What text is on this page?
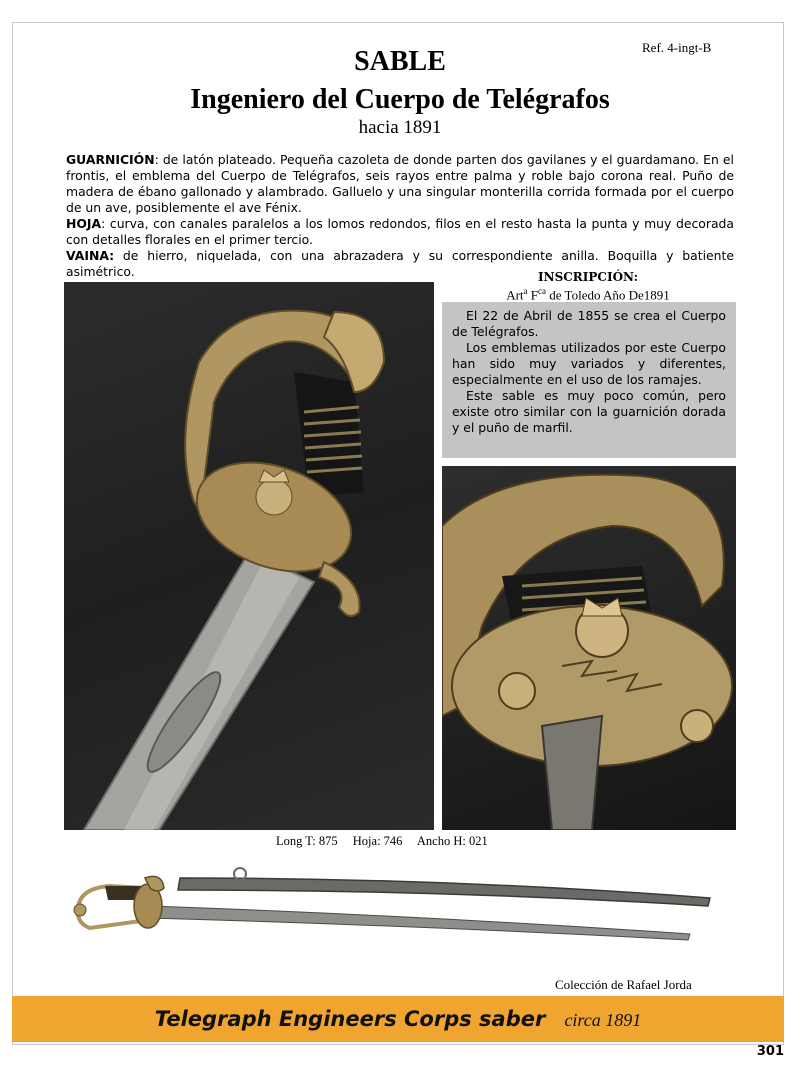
Ref. 4-ingt-B
SABLE
Ingeniero del Cuerpo de Telégrafos
hacia 1891

GUARNICIÓN: de latón plateado. Pequeña cazoleta de donde parten dos gavilanes y el guardamano. En el frontis, el emblema del Cuerpo de Telégrafos, seis rayos entre palma y roble bajo corona real. Puño de madera de ébano gallonado y alambrado. Galluelo y una singular monterilla corrida formada por el cuerpo de un ave, posiblemente el ave Fénix.

HOJA: curva, con canales paralelos a los lomos redondos, filos en el resto hasta la punta y muy decorada con detalles florales en el primer tercio.

VAINA: de hierro, niquelada, con una abrazadera y su correspondiente anilla. Boquilla y batiente asimétrico.	INSCRIPCIÓN:
Art$^a$ $F^{ca}$ de Toledo Año De1891

El 22 de Abril de 1855 se crea el Cuerpo de Telégrafos.

Los emblemas utilizados por este Cuerpo han sido muy variados y diferentes, especialmente en el uso de los ramajes.

Este sable es muy poco común, pero existe otro similar con la guarnición dorada y el puño de marfil.

Long T: 875 Hoja: 746 Ancho H: 021
Colección de Rafael Jorda
Telegraph Engineers Corps saber circa 1891
301
